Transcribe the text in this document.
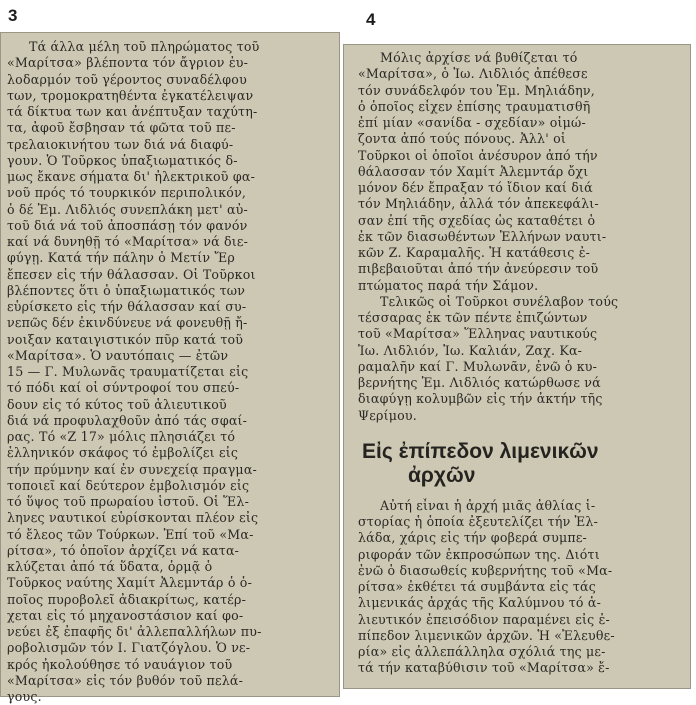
3	4

Τά άλλα μέλη τοῦ πληρώματος τοῦ
«Μαρίτσα» βλέποντα τόν ἄγριον ἐυ-
λοδαρμόν τοῦ γέροντος συναδέλφου
των, τρομοκρατηθέντα ἐγκατέλειψαν
τά δίκτυα των και ἀνέπτυξαν ταχύτη-
τα, ἀφοῦ ἔσβησαν τά φῶτα τοῦ πε-
τρελαιοκινήτου των διά νά διαφύ-
γουν. Ὁ Τοῦρκος ὑπαξιωματικός δ-
μως ἔκανε σήματα δι' ἠλεκτρικοῦ φα-
νοῦ πρός τό τουρκικόν περιπολικόν,
ὁ δέ Ἐμ. Λιδλιός συνεπλάκη μετ' αὐ-
τοῦ διά νά τοῦ ἀποσπάσῃ τόν φανόν
καί νά δυνηθῇ τό «Μαρίτσα» νά διε-
φύγῃ. Κατά τήν πάλην ὁ Μετίν Ἔρ
ἔπεσεν εἰς τήν θάλασσαν. Οἱ Τοῦρκοι
βλέποντες ὅτι ὁ ὑπαξιωματικός των
εὑρίσκετο εἰς τήν θάλασσαν καί συ-
νεπῶς δέν ἐκινδύνευε νά φονευθῇ ἤ-
νοιξαν καταιγιστικόν πῦρ κατά τοῦ
«Μαρίτσα». Ὁ ναυτόπαις — ἐτῶν
15 — Γ. Μυλωνᾶς τραυματίζεται εἰς
τό πόδι καί οἱ σύντροφοί του σπεύ-
δουν εἰς τό κύτος τοῦ ἁλιευτικοῦ
διά νά προφυλαχθοῦν ἀπό τάς σφαί-
ρας. Τό «Ζ 17» μόλις πλησιάζει τό
ἑλληνικόν σκάφος τό ἐμβολίζει εἰς
τήν πρύμνην καί ἐν συνεχείᾳ πραγμα-
τοποιεῖ καί δεύτερον ἐμβολισμόν εἰς
τό ὕψος τοῦ πρωραίου ἱστοῦ. Οἱ Ἕλ-
ληνες ναυτικοί εὑρίσκονται πλέον εἰς
τό ἔλεος τῶν Τούρκων. Ἐπί τοῦ «Μα-
ρίτσα», τό ὁποῖον ἀρχίζει νά κατα-
κλύζεται ἀπό τά ὕδατα, ὁρμᾷ ὁ
Τοῦρκος ναύτης Χαμίτ Ἀλεμντάρ ὁ ὁ-
ποῖος πυροβολεῖ ἀδιακρίτως, κατέρ-
χεται εἰς τό μηχανοστάσιον καί φο-
νεύει ἐξ ἐπαφῆς δι' ἀλλεπαλλήλων πυ-
ροβολισμῶν τόν Ι. Γιατζόγλου. Ὁ νε-
κρός ἠκολούθησε τό ναυάγιον τοῦ
«Μαρίτσα» εἰς τόν βυθόν τοῦ πελά-
γους.

Μόλις ἀρχίσε νά βυθίζεται τό
«Μαρίτσα», ὁ Ἰω. Λιδλιός ἀπέθεσε
τόν συνάδελφόν του Ἐμ. Μηλιάδην,
ὁ ὁποῖος εἶχεν ἐπίσης τραυματισθῆ
ἐπί μίαν «σανίδα - σχεδίαν» οἰμώ-
ζοντα ἀπό τούς πόνους. Ἀλλ' οἱ
Τοῦρκοι οἱ ὁποῖοι ἀνέσυρον ἀπό τήν
θάλασσαν τόν Χαμίτ Ἀλεμντάρ ὄχι
μόνον δέν ἔπραξαν τό ἴδιον καί διά
τόν Μηλιάδην, ἀλλά τόν ἀπεκεφάλι-
σαν ἐπί τῆς σχεδίας ὡς καταθέτει ὁ
ἐκ τῶν διασωθέντων Ἑλλήνων ναυτι-
κῶν Ζ. Καραμαλῆς. Ἡ κατάθεσις ἐ-
πιβεβαιοῦται ἀπό τήν ἀνεύρεσιν τοῦ
πτώματος παρά τήν Σάμον.
Τελικῶς οἱ Τοῦρκοι συνέλαβον τούς
τέσσαρας ἐκ τῶν πέντε ἐπιζώντων
τοῦ «Μαρίτσα» Ἕλληνας ναυτικούς
Ἰω. Λιδλιόν, Ἰω. Καλιάν, Ζαχ. Κα-
ραμαλῆν καί Γ. Μυλωνᾶν, ἐνῶ ὁ κυ-
βερνήτης Ἐμ. Λιδλιός κατώρθωσε νά
διαφύγῃ κολυμβῶν εἰς τήν ἀκτήν τῆς
Ψερίμου.

Εἰς ἐπίπεδον λιμενικῶν
ἀρχῶν

Αὐτή εἶναι ἡ ἀρχή μιᾶς ἀθλίας ἱ-
στορίας ἡ ὁποία ἐξευτελίζει τήν Ἑλ-
λάδα, χάρις εἰς τήν φοβερά συμπε-
ριφοράν τῶν ἐκπροσώπων της. Διότι
ἐνῶ ὁ διασωθείς κυβερνήτης τοῦ «Μα-
ρίτσα» ἐκθέτει τά συμβάντα εἰς τάς
λιμενικάς ἀρχάς τῆς Καλύμνου τό ἁ-
λιευτικόν ἐπεισόδιον παραμένει εἰς ἐ-
πίπεδον λιμενικῶν ἀρχῶν. Ἡ «Ἐλευθε-
ρία» εἰς ἀλλεπάλληλα σχόλιά της με-
τά τήν καταβύθισιν τοῦ «Μαρίτσα» ἔ-
